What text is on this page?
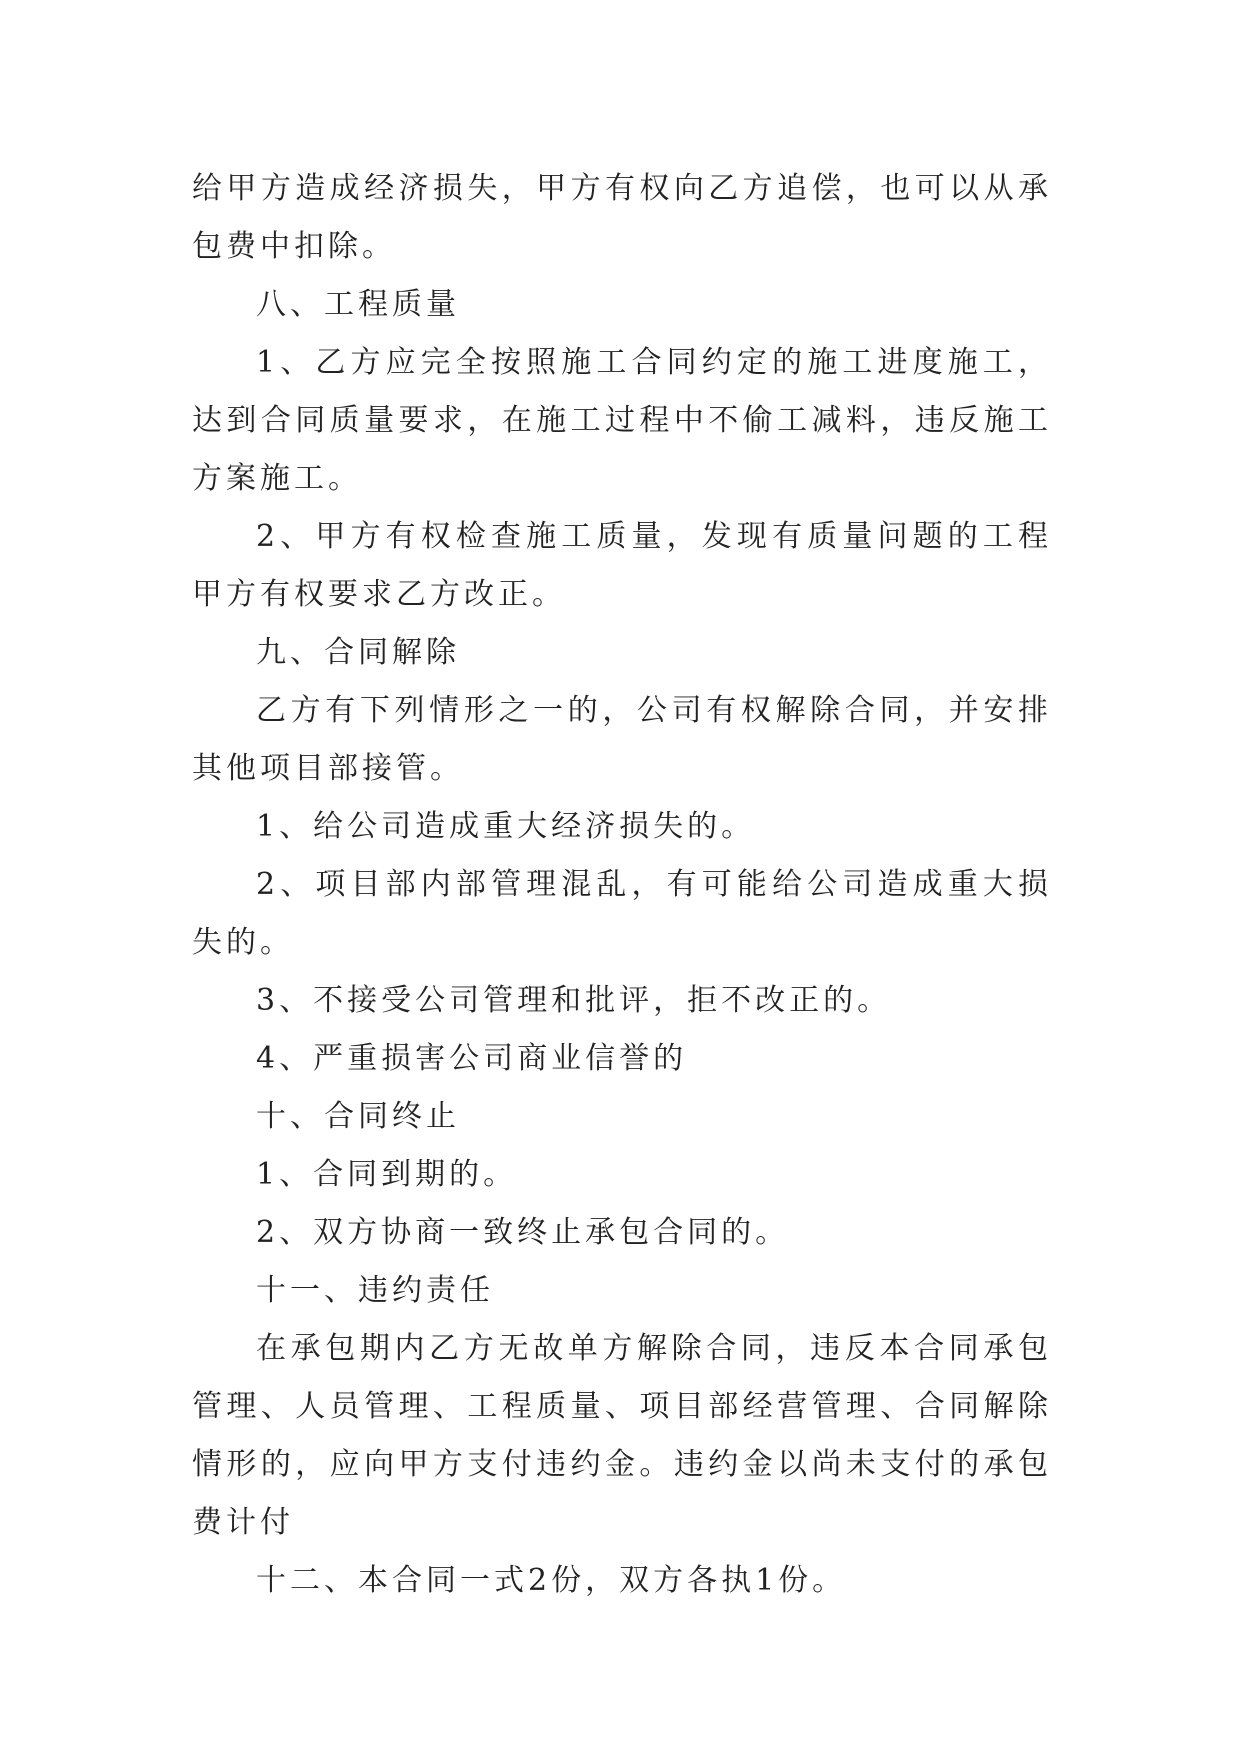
给甲方造成经济损失，甲方有权向乙方追偿，也可以从承包费中扣除。

八、工程质量

1、乙方应完全按照施工合同约定的施工进度施工，达到合同质量要求，在施工过程中不偷工减料，违反施工方案施工。

2、甲方有权检查施工质量，发现有质量问题的工程甲方有权要求乙方改正。

九、合同解除

乙方有下列情形之一的，公司有权解除合同，并安排其他项目部接管。

1、给公司造成重大经济损失的。

2、项目部内部管理混乱，有可能给公司造成重大损失的。

3、不接受公司管理和批评，拒不改正的。

4、严重损害公司商业信誉的

十、合同终止

1、合同到期的。

2、双方协商一致终止承包合同的。

十一、违约责任

在承包期内乙方无故单方解除合同，违反本合同承包管理、人员管理、工程质量、项目部经营管理、合同解除情形的，应向甲方支付违约金。违约金以尚未支付的承包费计付

十二、本合同一式2份，双方各执1份。
